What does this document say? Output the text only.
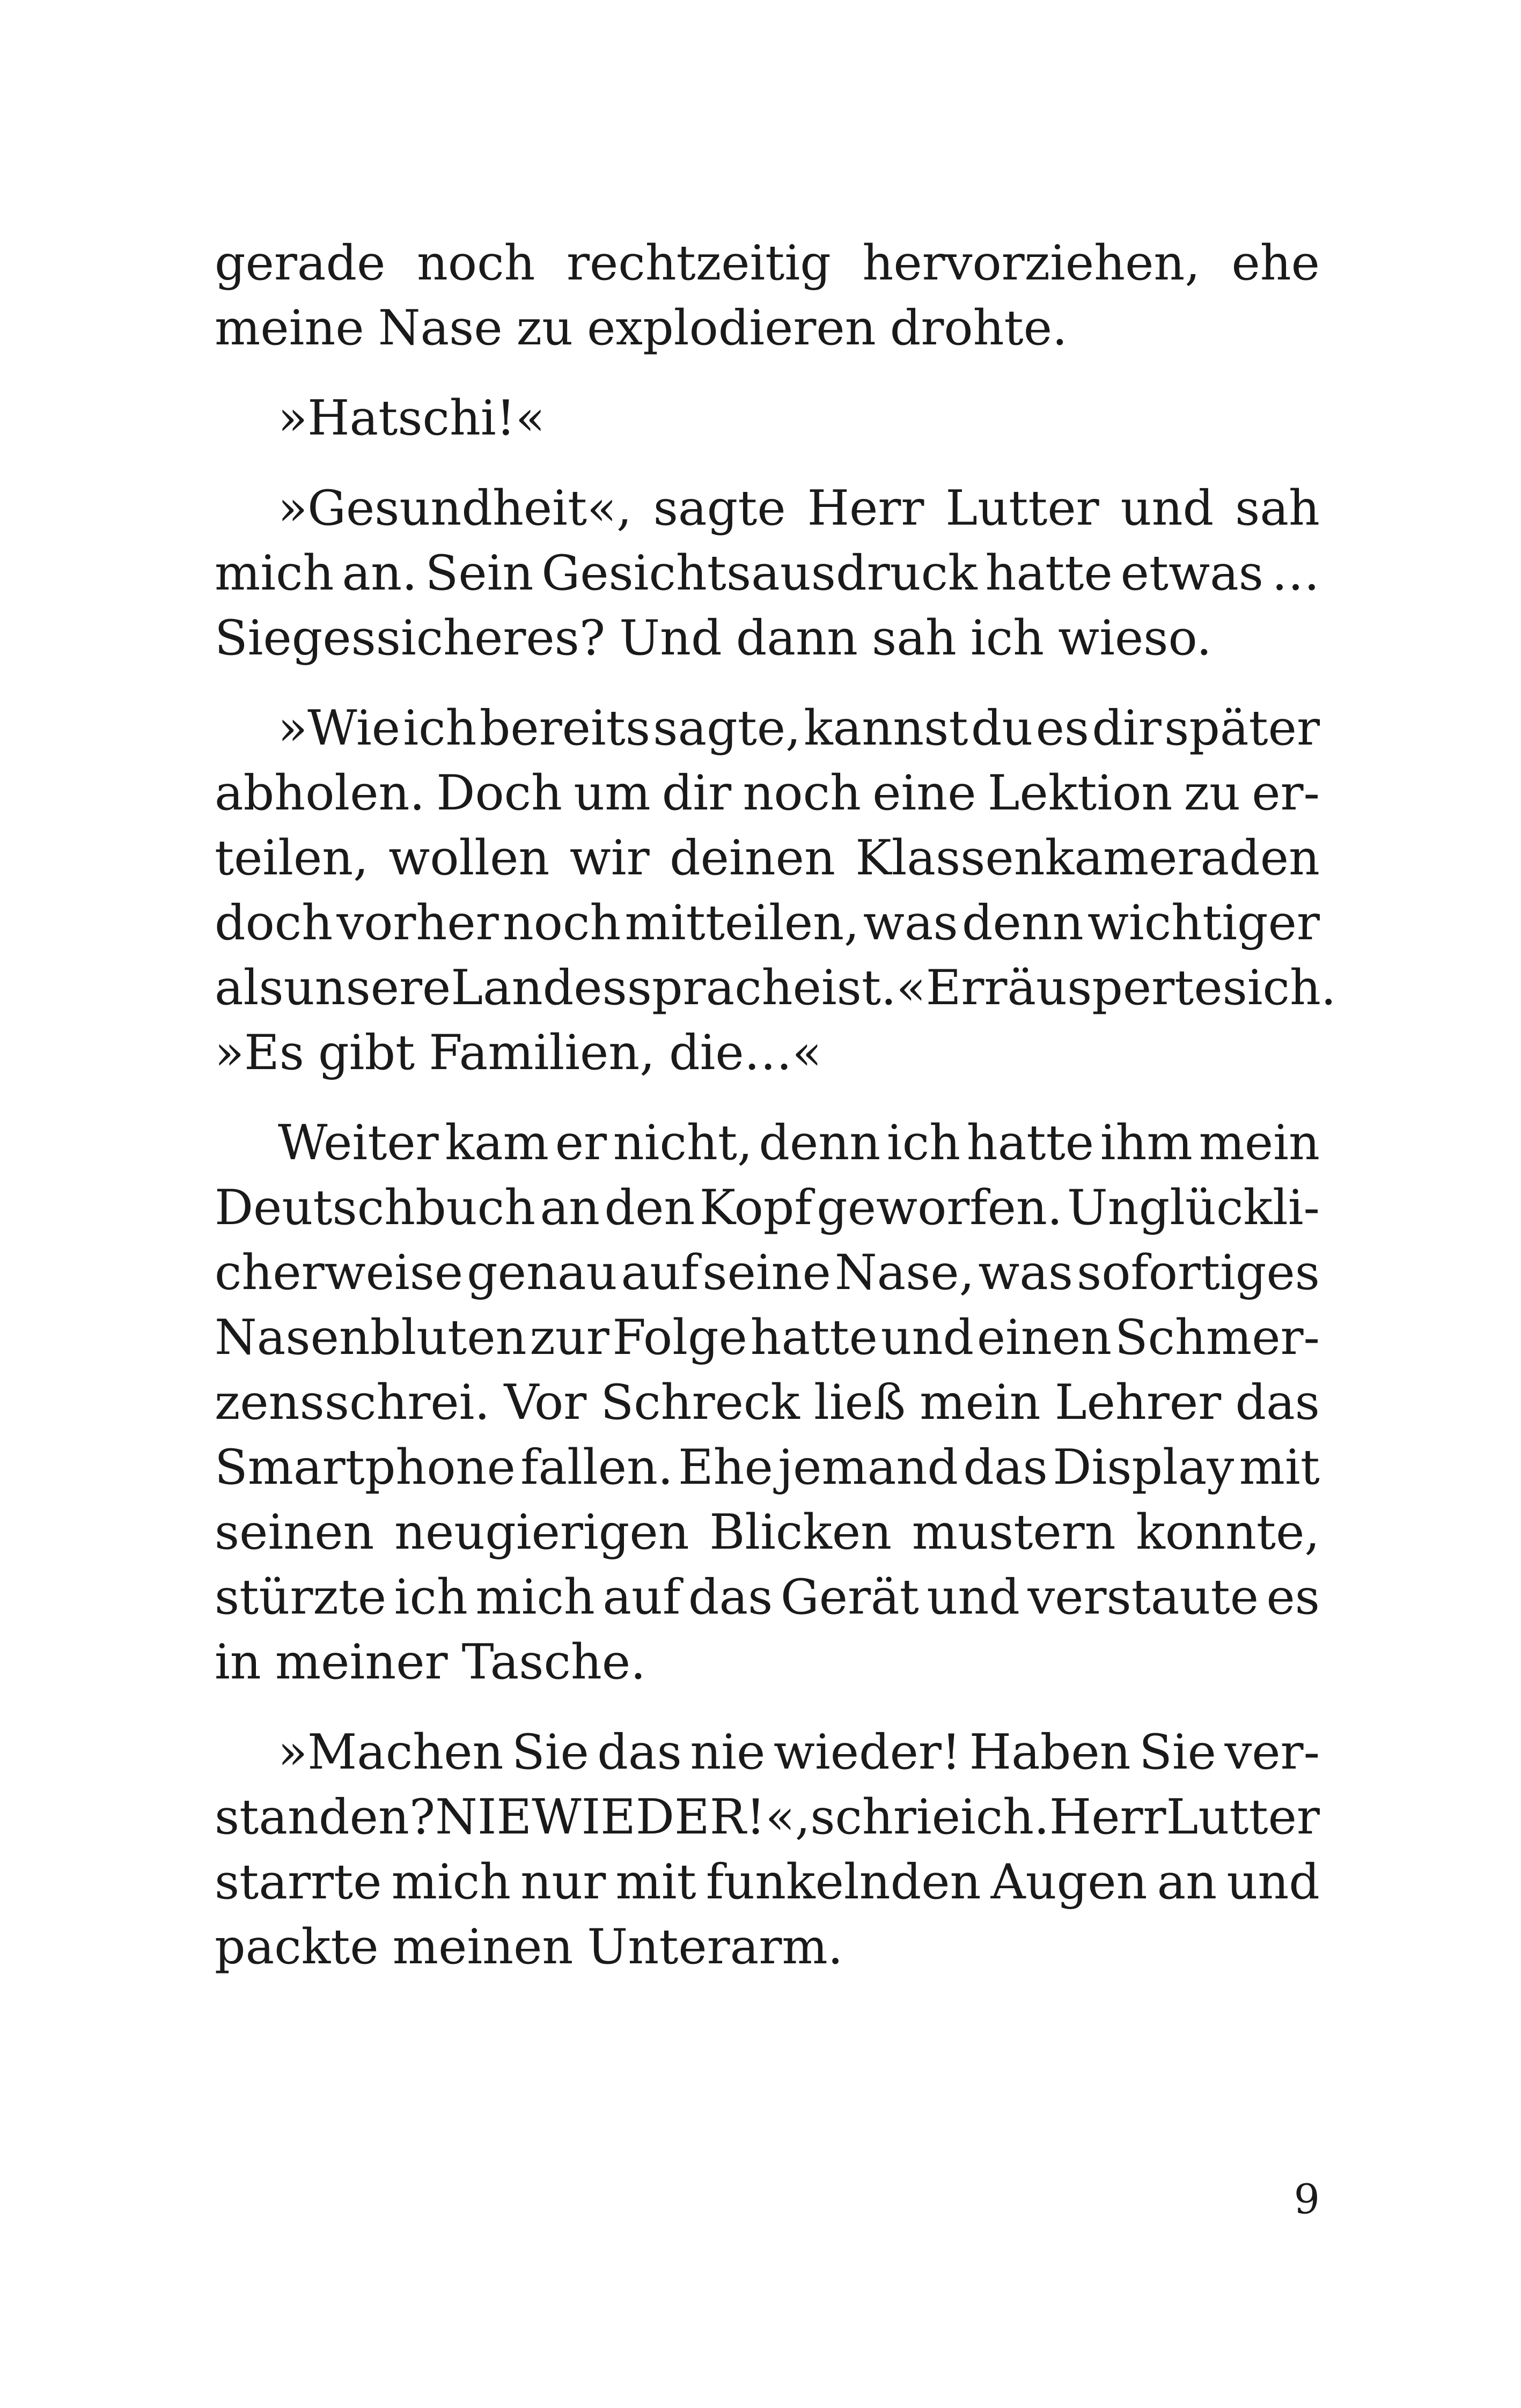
gerade noch rechtzeitig hervorziehen, ehe
meine Nase zu explodieren drohte.
»Hatschi!«
»Gesundheit«, sagte Herr Lutter und sah
mich an. Sein Gesichtsausdruck hatte etwas …
Siegessicheres? Und dann sah ich wieso.
»Wie ich bereits sagte, kannst du es dir später
abholen. Doch um dir noch eine Lektion zu er-
teilen, wollen wir deinen Klassenkameraden
doch vorher noch mitteilen, was denn wichtiger
als unsere Landessprache ist.« Er räusperte sich.
»Es gibt Familien, die…«
Weiter kam er nicht, denn ich hatte ihm mein
Deutschbuch an den Kopf geworfen. Unglückli-
cherweise genau auf seine Nase, was sofortiges
Nasenbluten zur Folge hatte und einen Schmer-
zensschrei. Vor Schreck ließ mein Lehrer das
Smartphone fallen. Ehe jemand das Display mit
seinen neugierigen Blicken mustern konnte,
stürzte ich mich auf das Gerät und verstaute es
in meiner Tasche.
»Machen Sie das nie wieder! Haben Sie ver-
standen? NIE WIEDER!«, schrie ich. Herr Lutter
starrte mich nur mit funkelnden Augen an und
packte meinen Unterarm.
9
